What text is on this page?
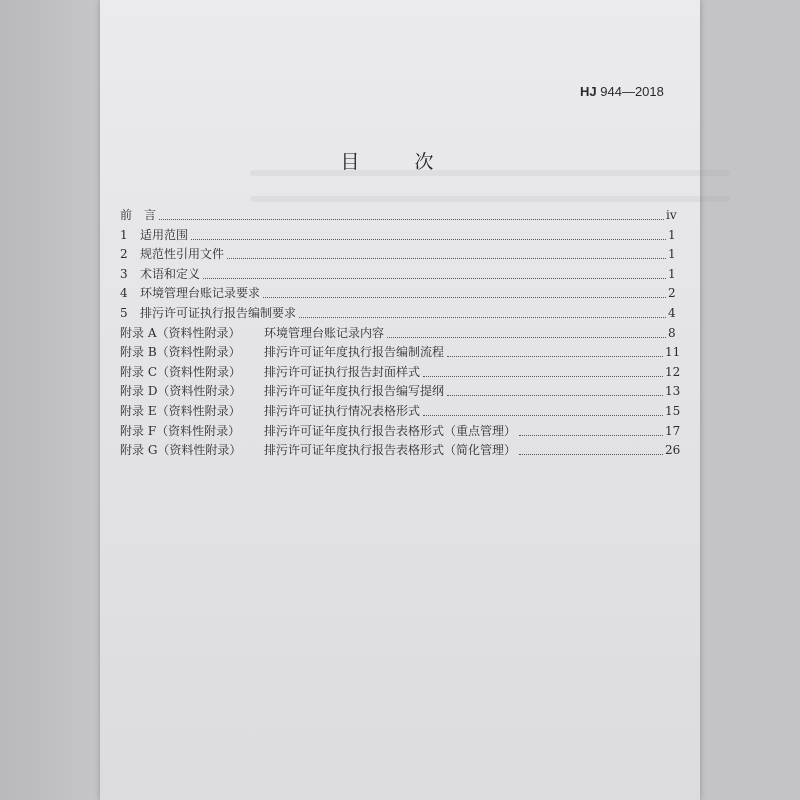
HJ 944—2018
目　次
前　言	iv
1 适用范围	1
2 规范性引用文件	1
3 术语和定义	1
4 环境管理台账记录要求	2
5 排污许可证执行报告编制要求	4
附录 A（资料性附录） 环境管理台账记录内容	8
附录 B（资料性附录） 排污许可证年度执行报告编制流程	11
附录 C（资料性附录） 排污许可证执行报告封面样式	12
附录 D（资料性附录） 排污许可证年度执行报告编写提纲	13
附录 E（资料性附录） 排污许可证执行情况表格形式	15
附录 F（资料性附录） 排污许可证年度执行报告表格形式（重点管理）	17
附录 G（资料性附录） 排污许可证年度执行报告表格形式（简化管理）	26
